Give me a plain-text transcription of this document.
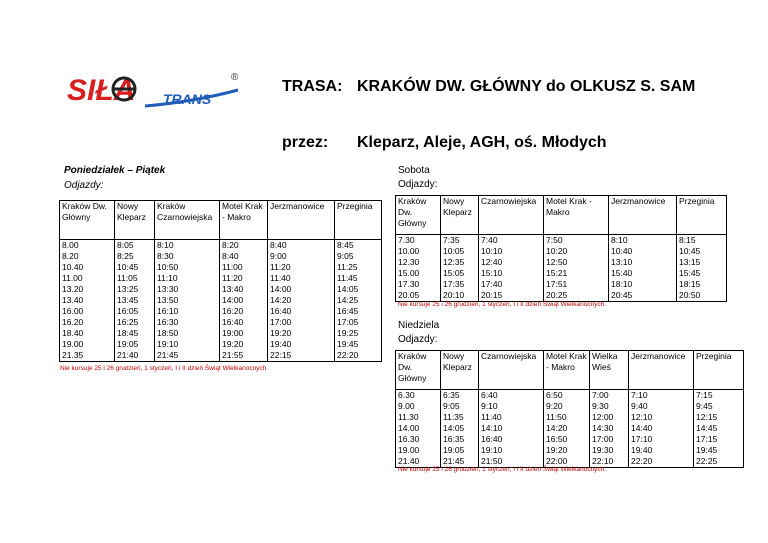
SIŁA TRANS
®
TRASA: KRAKÓW DW. GŁÓWNY do OLKUSZ S. SAM
przez: Kleparz, Aleje, AGH, oś. Młodych
Poniedziałek – Piątek
Odjazdy:
Kraków Dw. Główny	Nowy Kleparz	Kraków Czarnowiejska	Motel Krak - Makro	Jerzmanowice	Przeginia
8.00	8:05	8:10	8:20	8:40	8:45
8.20	8:25	8:30	8:40	9:00	9:05
10.40	10:45	10:50	11:00	11:20	11:25
11.00	11:05	11:10	11:20	11:40	11:45
13.20	13:25	13:30	13:40	14:00	14:05
13.40	13:45	13:50	14:00	14:20	14:25
16.00	16:05	16:10	16:20	16:40	16:45
16.20	16:25	16:30	16:40	17:00	17:05
18.40	18:45	18:50	19:00	19:20	19:25
19.00	19:05	19:10	19:20	19:40	19:45
21.35	21:40	21:45	21:55	22:15	22:20
Nie kursuje 25 i 26 grudzień, 1 styczeń, I i II dzień Świąt Wielkanocnych.
Sobota
Odjazdy:
Kraków Dw. Główny	Nowy Kleparz	Czarnowiejska	Motel Krak - Makro	Jerzmanowice	Przeginia
7.30	7:35	7:40	7:50	8:10	8:15
10.00	10:05	10:10	10:20	10:40	10:45
12.30	12:35	12:40	12:50	13:10	13:15
15.00	15:05	15:10	15:21	15:40	15:45
17.30	17:35	17:40	17:51	18:10	18:15
20.05	20:10	20:15	20:25	20:45	20:50
Nie kursuje 25 i 26 grudzień, 1 styczeń, I i II dzień Świąt Wielkanocnych.
Niedziela
Odjazdy:
Kraków Dw. Główny	Nowy Kleparz	Czarnowiejska	Motel Krak - Makro	Wielka Wieś	Jerzmanowice	Przeginia
6.30	6:35	6:40	6:50	7:00	7:10	7:15
9.00	9:05	9:10	9:20	9:30	9:40	9:45
11.30	11:35	11:40	11:50	12:00	12:10	12:15
14.00	14:05	14:10	14:20	14:30	14:40	14:45
16.30	16:35	16:40	16:50	17:00	17:10	17:15
19.00	19:05	19:10	19:20	19:30	19:40	19:45
21.40	21:45	21:50	22:00	22:10	22:20	22:25
Nie kursuje 25 i 26 grudzień, 1 styczeń, I i II dzień Świąt Wielkanocnych.
